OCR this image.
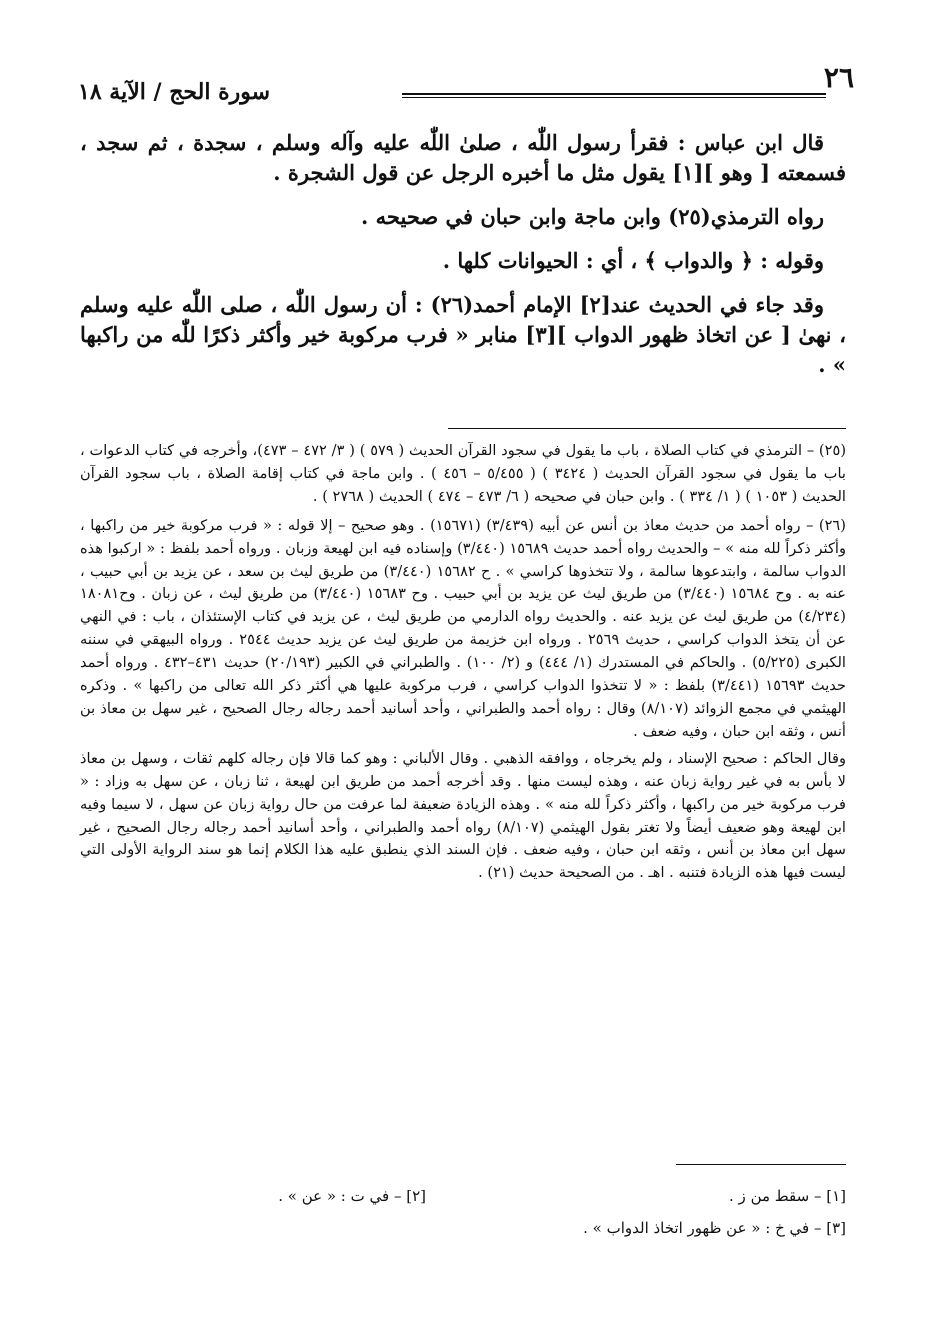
٢٦
سورة الحج / الآية ١٨

قال ابن عباس : فقرأ رسول اللّٰه ، صلىٰ اللّٰه عليه وآله وسلم ، سجدة ، ثم سجد ، فسمعته [ وهو ][١] يقول مثل ما أخبره الرجل عن قول الشجرة .

رواه الترمذي(٢٥) وابن ماجة وابن حبان في صحيحه .

وقوله : ﴿ والدواب ﴾ ، أي : الحيوانات كلها .

وقد جاء في الحديث عند[٢] الإمام أحمد(٢٦) : أن رسول اللّٰه ، صلى اللّٰه عليه وسلم ، نهىٰ [ عن اتخاذ ظهور الدواب ][٣] منابر « فرب مركوبة خير وأكثر ذكرًا للّٰه من راكبها » .

(٢٥) – الترمذي في كتاب الصلاة ، باب ما يقول في سجود القرآن الحديث ( ٥٧٩ ) ( ٣/ ٤٧٢ – ٤٧٣)، وأخرجه في كتاب الدعوات ، باب ما يقول في سجود القرآن الحديث ( ٣٤٢٤ ) ( ٥/٤٥٥ – ٤٥٦ ) . وابن ماجة في كتاب إقامة الصلاة ، باب سجود القرآن الحديث ( ١٠٥٣ ) ( ١/ ٣٣٤ ) . وابن حبان في صحيحه ( ٦/ ٤٧٣ – ٤٧٤ ) الحديث ( ٢٧٦٨ ) .

(٢٦) – رواه أحمد من حديث معاذ بن أنس عن أبيه (٣/٤٣٩) (١٥٦٧١) . وهو صحيح – إلا قوله : « فرب مركوبة خير من راكبها ، وأكثر ذكراً لله منه » – والحديث رواه أحمد حديث ١٥٦٨٩ (٣/٤٤٠) وإسناده فيه ابن لهيعة وزبان . ورواه أحمد بلفظ : « اركبوا هذه الدواب سالمة ، وابتدعوها سالمة ، ولا تتخذوها كراسي » . ح ١٥٦٨٢ (٣/٤٤٠) من طريق ليث بن سعد ، عن يزيد بن أبي حبيب ، عنه به . وح ١٥٦٨٤ (٣/٤٤٠) من طريق ليث عن يزيد بن أبي حبيب . وح ١٥٦٨٣ (٣/٤٤٠) من طريق ليث ، عن زبان . وح١٨٠٨١ (٤/٢٣٤) من طريق ليث عن يزيد عنه . والحديث رواه الدارمي من طريق ليث ، عن يزيد في كتاب الإستئذان ، باب : في النهي عن أن يتخذ الدواب كراسي ، حديث ٢٥٦٩ . ورواه ابن خزيمة من طريق ليث عن يزيد حديث ٢٥٤٤ . ورواه البيهقي في سننه الكبرى (٥/٢٢٥) . والحاكم في المستدرك (١/ ٤٤٤) و (٢/ ١٠٠) . والطبراني في الكبير (٢٠/١٩٣) حديث ٤٣١–٤٣٢ . ورواه أحمد حديث ١٥٦٩٣ (٣/٤٤١) بلفظ : « لا تتخذوا الدواب كراسي ، فرب مركوبة عليها هي أكثر ذكر الله تعالى من راكبها » . وذكره الهيثمي في مجمع الزوائد (٨/١٠٧) وقال : رواه أحمد والطبراني ، وأحد أسانيد أحمد رجاله رجال الصحيح ، غير سهل بن معاذ بن أنس ، وثقه ابن حبان ، وفيه ضعف .

وقال الحاكم : صحيح الإسناد ، ولم يخرجاه ، ووافقه الذهبي . وقال الألباني : وهو كما قالا فإن رجاله كلهم ثقات ، وسهل بن معاذ لا بأس به في غير رواية زبان عنه ، وهذه ليست منها . وقد أخرجه أحمد من طريق ابن لهيعة ، ثنا زبان ، عن سهل به وزاد : « فرب مركوبة خير من راكبها ، وأكثر ذكراً لله منه » . وهذه الزيادة ضعيفة لما عرفت من حال رواية زبان عن سهل ، لا سيما وفيه ابن لهيعة وهو ضعيف أيضاً ولا تغتر بقول الهيثمي (٨/١٠٧) رواه أحمد والطبراني ، وأحد أسانيد أحمد رجاله رجال الصحيح ، غير سهل ابن معاذ بن أنس ، وثقه ابن حبان ، وفيه ضعف . فإن السند الذي ينطبق عليه هذا الكلام إنما هو سند الرواية الأولى التي ليست فيها هذه الزيادة فتنبه . اهـ . من الصحيحة حديث (٢١) .

[١] – سقط من ز .
[٢] – في ت : « عن » .
[٣] – في خ : « عن ظهور اتخاذ الدواب » .
